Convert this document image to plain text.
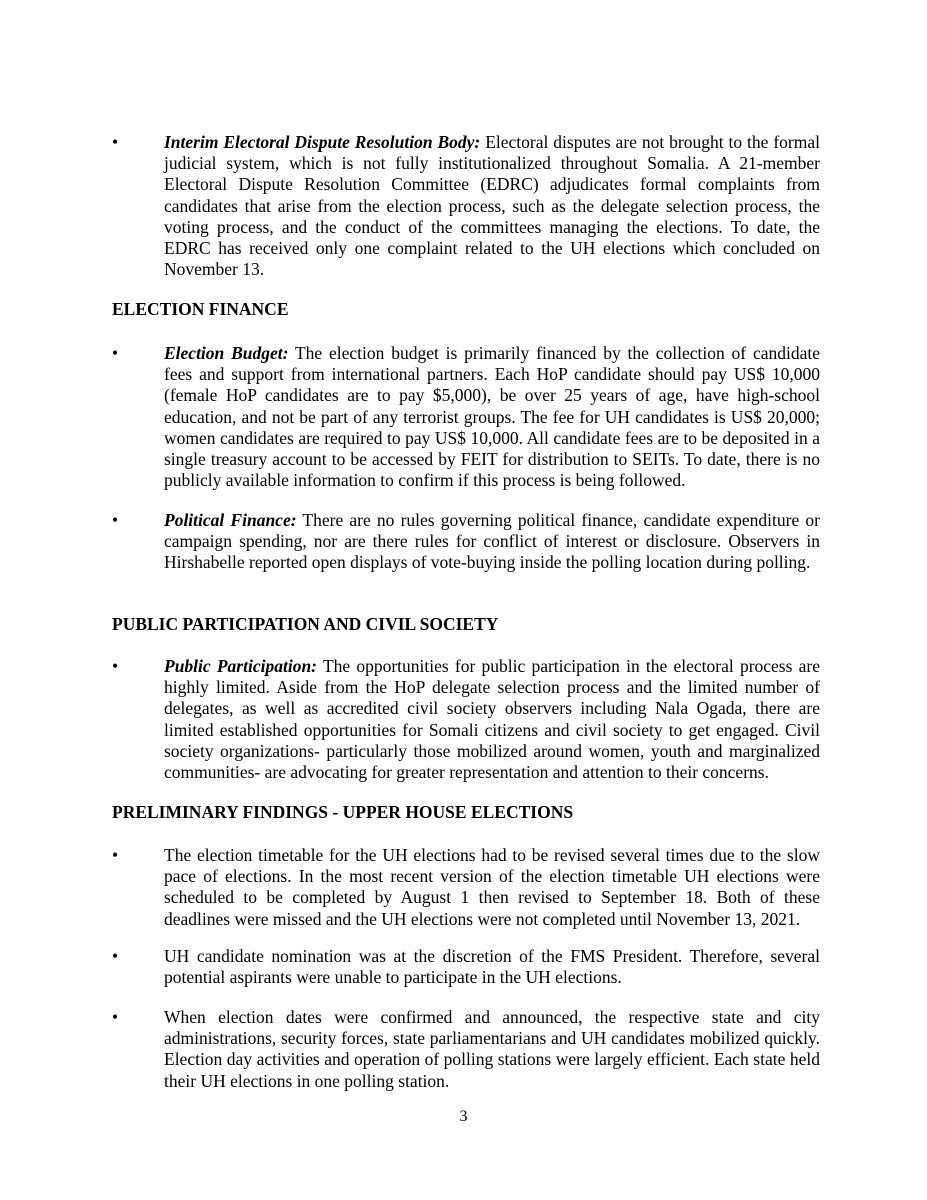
•	Interim Electoral Dispute Resolution Body: Electoral disputes are not brought to the formal judicial system, which is not fully institutionalized throughout Somalia. A 21-member Electoral Dispute Resolution Committee (EDRC) adjudicates formal complaints from candidates that arise from the election process, such as the delegate selection process, the voting process, and the conduct of the committees managing the elections. To date, the EDRC has received only one complaint related to the UH elections which concluded on November 13.
ELECTION FINANCE
•	Election Budget: The election budget is primarily financed by the collection of candidate fees and support from international partners. Each HoP candidate should pay US$ 10,000 (female HoP candidates are to pay $5,000), be over 25 years of age, have high-school education, and not be part of any terrorist groups. The fee for UH candidates is US$ 20,000; women candidates are required to pay US$ 10,000. All candidate fees are to be deposited in a single treasury account to be accessed by FEIT for distribution to SEITs. To date, there is no publicly available information to confirm if this process is being followed.
•	Political Finance: There are no rules governing political finance, candidate expenditure or campaign spending, nor are there rules for conflict of interest or disclosure. Observers in Hirshabelle reported open displays of vote-buying inside the polling location during polling.
PUBLIC PARTICIPATION AND CIVIL SOCIETY
•	Public Participation: The opportunities for public participation in the electoral process are highly limited. Aside from the HoP delegate selection process and the limited number of delegates, as well as accredited civil society observers including Nala Ogada, there are limited established opportunities for Somali citizens and civil society to get engaged. Civil society organizations- particularly those mobilized around women, youth and marginalized communities- are advocating for greater representation and attention to their concerns.
PRELIMINARY FINDINGS - UPPER HOUSE ELECTIONS
•	The election timetable for the UH elections had to be revised several times due to the slow pace of elections. In the most recent version of the election timetable UH elections were scheduled to be completed by August 1 then revised to September 18. Both of these deadlines were missed and the UH elections were not completed until November 13, 2021.
•	UH candidate nomination was at the discretion of the FMS President. Therefore, several potential aspirants were unable to participate in the UH elections.
•	When election dates were confirmed and announced, the respective state and city administrations, security forces, state parliamentarians and UH candidates mobilized quickly. Election day activities and operation of polling stations were largely efficient. Each state held their UH elections in one polling station.
3
